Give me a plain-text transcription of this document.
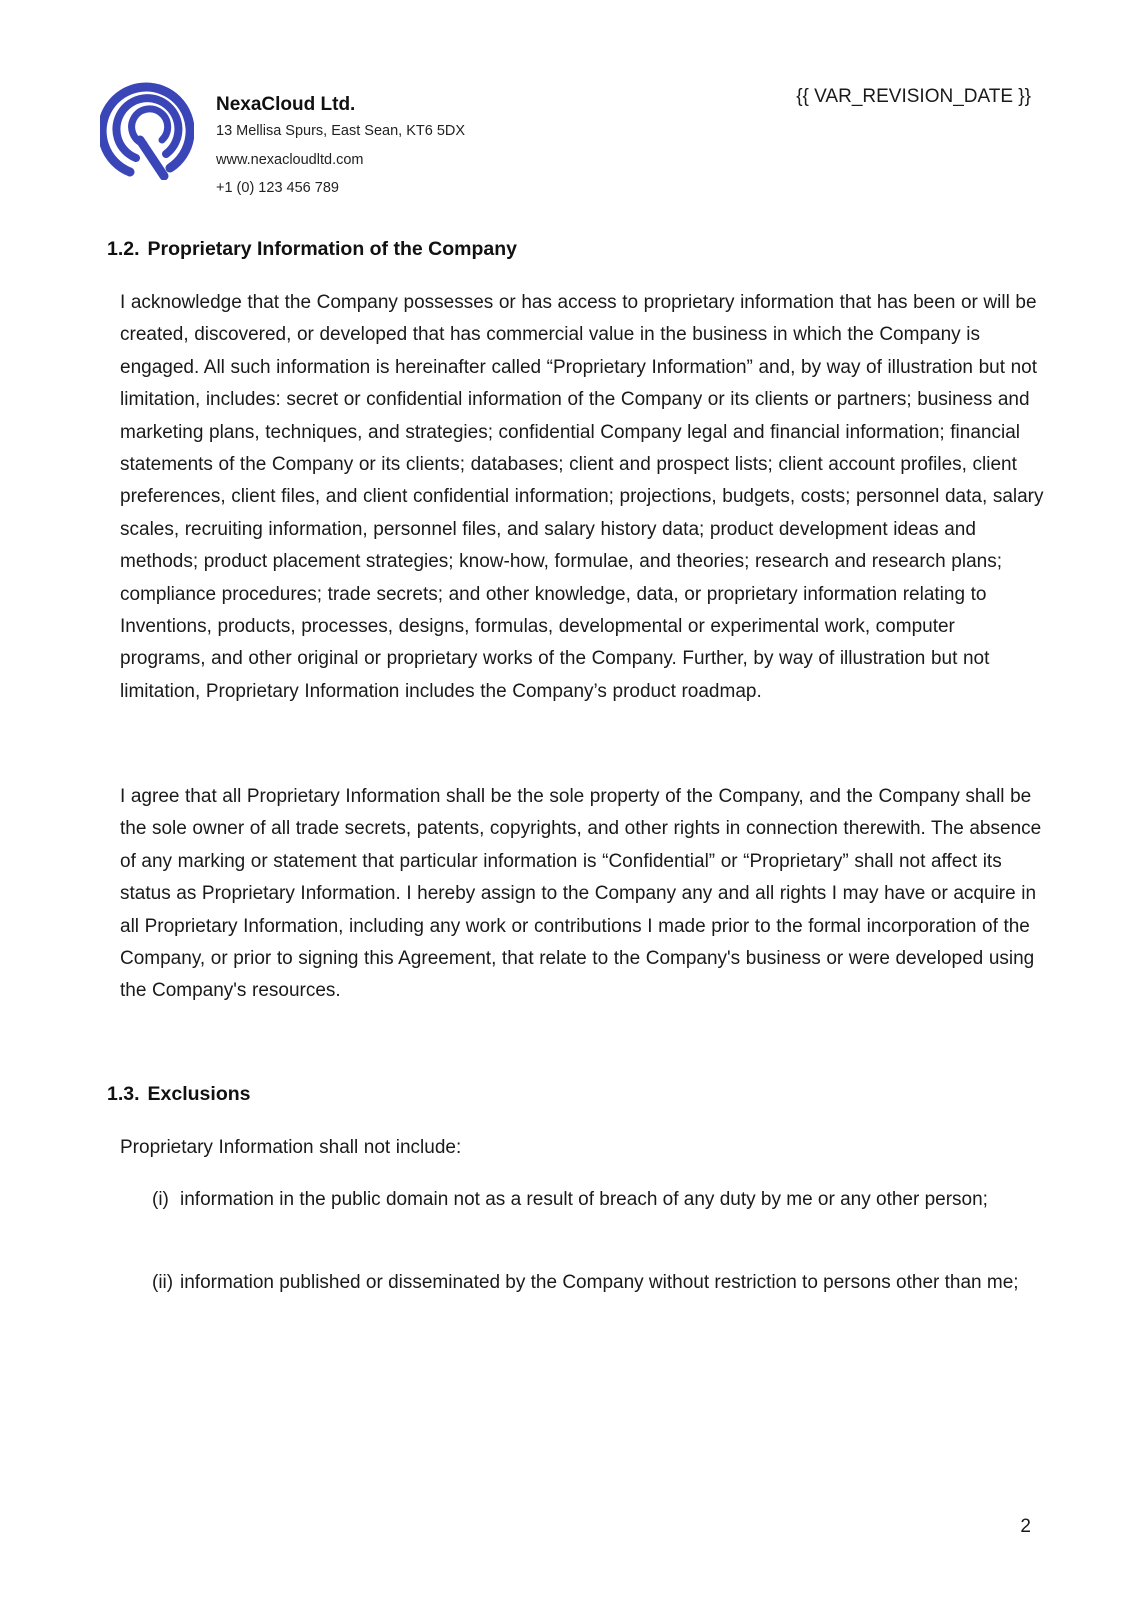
NexaCloud Ltd.
13 Mellisa Spurs, East Sean, KT6 5DX
www.nexacloudltd.com
+1 (0) 123 456 789
{{ VAR_REVISION_DATE }}
1.2. Proprietary Information of the Company

I acknowledge that the Company possesses or has access to proprietary information that has been or will be created, discovered, or developed that has commercial value in the business in which the Company is engaged. All such information is hereinafter called “Proprietary Information” and, by way of illustration but not limitation, includes: secret or confidential information of the Company or its clients or partners; business and marketing plans, techniques, and strategies; confidential Company legal and financial information; financial statements of the Company or its clients; databases; client and prospect lists; client account profiles, client preferences, client files, and client confidential information; projections, budgets, costs; personnel data, salary scales, recruiting information, personnel files, and salary history data; product development ideas and methods; product placement strategies; know-how, formulae, and theories; research and research plans; compliance procedures; trade secrets; and other knowledge, data, or proprietary information relating to Inventions, products, processes, designs, formulas, developmental or experimental work, computer programs, and other original or proprietary works of the Company. Further, by way of illustration but not limitation, Proprietary Information includes the Company’s product roadmap.

I agree that all Proprietary Information shall be the sole property of the Company, and the Company shall be the sole owner of all trade secrets, patents, copyrights, and other rights in connection therewith. The absence of any marking or statement that particular information is “Confidential” or “Proprietary” shall not affect its status as Proprietary Information. I hereby assign to the Company any and all rights I may have or acquire in all Proprietary Information, including any work or contributions I made prior to the formal incorporation of the Company, or prior to signing this Agreement, that relate to the Company's business or were developed using the Company's resources.

1.3. Exclusions

Proprietary Information shall not include:

(i) information in the public domain not as a result of breach of any duty by me or any other person;
(ii) information published or disseminated by the Company without restriction to persons other than me;
2
